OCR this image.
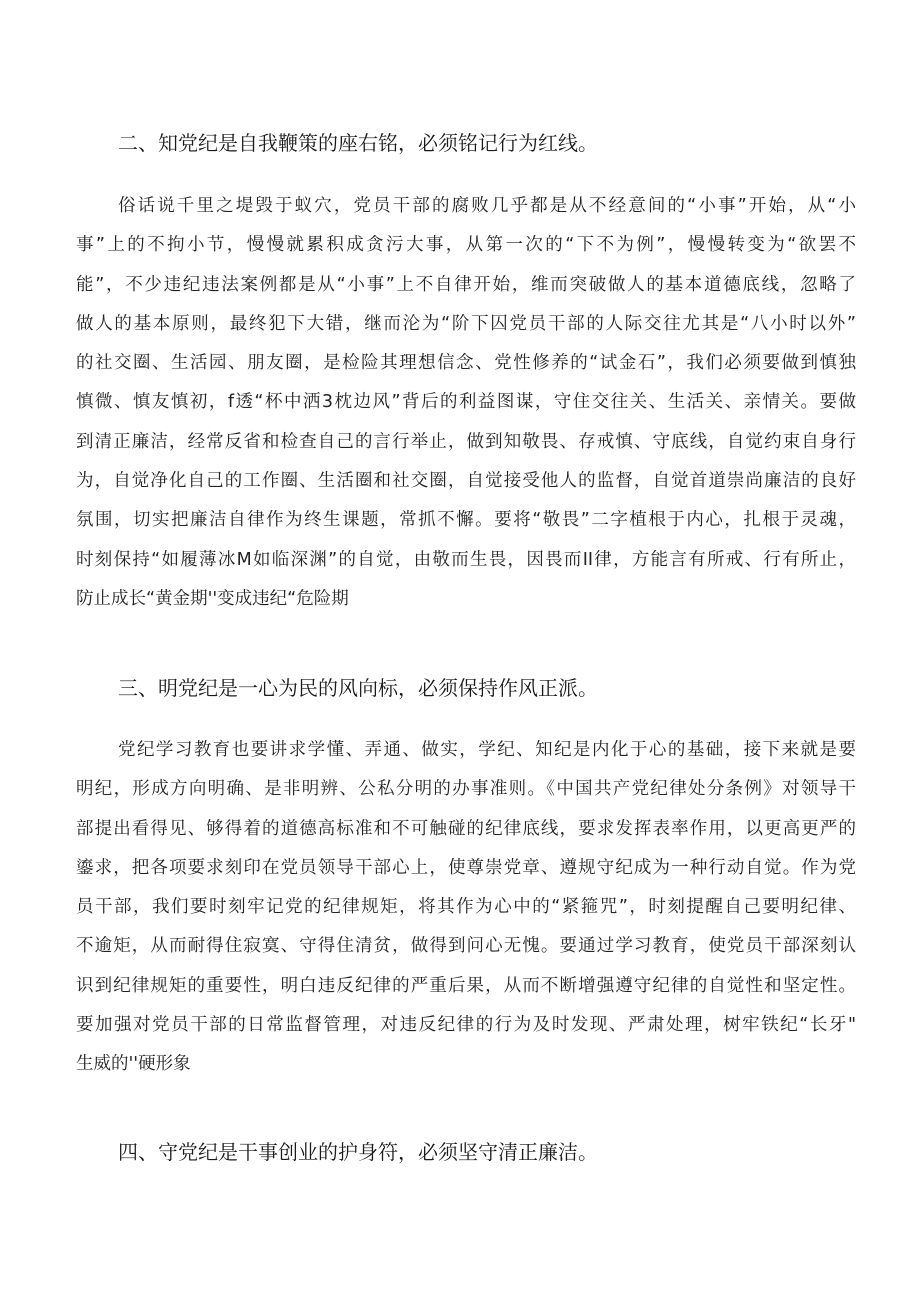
二、知党纪是自我鞭策的座右铭，必须铭记行为红线。
俗话说千里之堤毁于蚁穴，党员干部的腐败几乎都是从不经意间的“小事”开始，从“小
事”上的不拘小节，慢慢就累积成贪污大事，从第一次的“下不为例”，慢慢转变为“欲罢不
能”，不少违纪违法案例都是从“小事”上不自律开始，维而突破做人的基本道德底线，忽略了
做人的基本原则，最终犯下大错，继而沦为“阶下囚党员干部的人际交往尤其是“八小时以外”
的社交圈、生活园、朋友圈，是检险其理想信念、党性修养的“试金石”，我们必须要做到慎独
慎微、慎友慎初，f透“杯中洒3枕边风”背后的利益图谋，守住交往关、生活关、亲情关。要做
到清正廉洁，经常反省和检查自己的言行举止，做到知敬畏、存戒慎、守底线，自觉约束自身行
为，自觉净化自己的工作圈、生活圈和社交圈，自觉接受他人的监督，自觉首道崇尚廉洁的良好
氛围，切实把廉洁自律作为终生课题，常抓不懈。要将“敬畏”二字植根于内心，扎根于灵魂，
时刻保持“如履薄冰M如临深渊”的自觉，由敬而生畏，因畏而II律，方能言有所戒、行有所止，
防止成长“黄金期''变成违纪“危险期
三、明党纪是一心为民的风向标，必须保持作风正派。
党纪学习教育也要讲求学懂、弄通、做实，学纪、知纪是内化于心的基础，接下来就是要
明纪，形成方向明确、是非明辨、公私分明的办事准则。《中国共产党纪律处分条例》对领导干
部提出看得见、够得着的道德高标准和不可触碰的纪律底线，要求发挥表率作用，以更高更严的
鎏求，把各项要求刻印在党员领导干部心上，使尊崇党章、遵规守纪成为一种行动自觉。作为党
员干部，我们要时刻牢记党的纪律规矩，将其作为心中的“紧箍咒”，时刻提醒自己要明纪律、
不逾矩，从而耐得住寂寞、守得住清贫，做得到问心无愧。要通过学习教育，使党员干部深刻认
识到纪律规矩的重要性，明白违反纪律的严重后果，从而不断增强遵守纪律的自觉性和坚定性。
要加强对党员干部的日常监督管理，对违反纪律的行为及时发现、严肃处理，树牢铁纪“长牙"
生威的''硬形象
四、守党纪是干事创业的护身符，必须坚守清正廉洁。
